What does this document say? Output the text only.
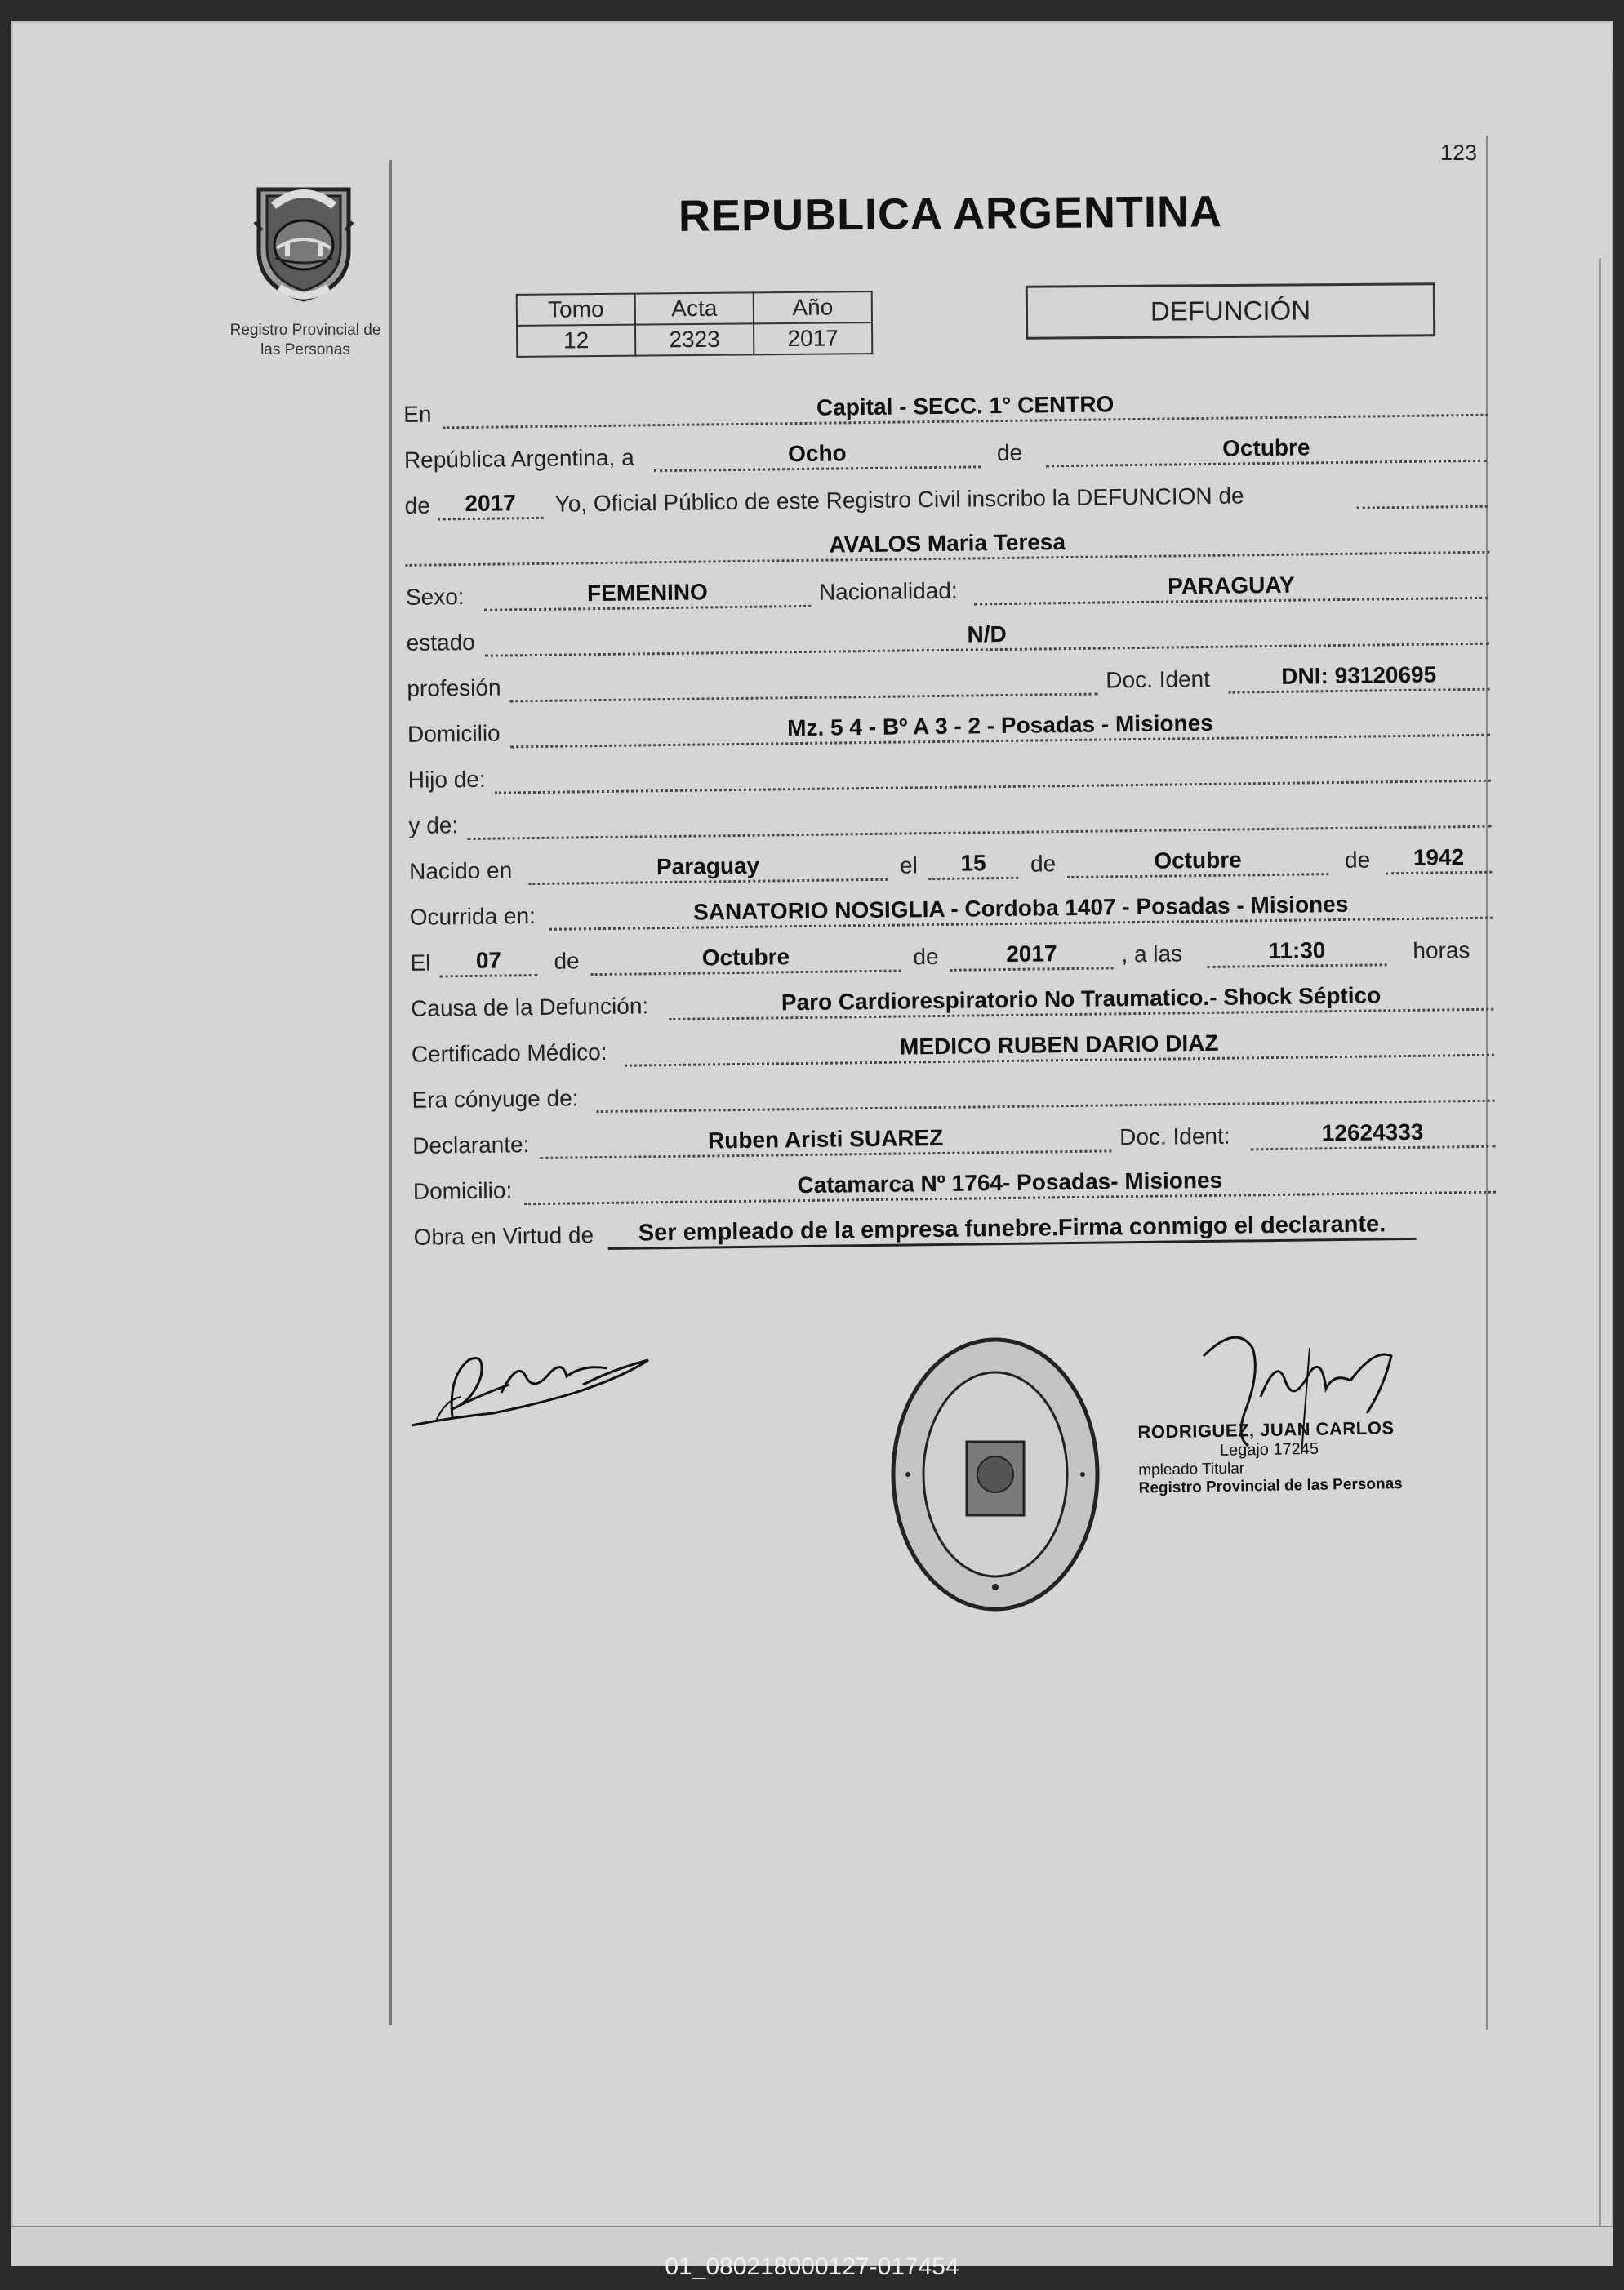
Registro Provincial de
las Personas
123
REPUBLICA ARGENTINA
Tomo	Acta	Año
12	2323	2017
DEFUNCIÓN
En	Capital - SECC. 1° CENTRO
República Argentina, a	Ocho	de	Octubre
de	2017	Yo, Oficial Público de este Registro Civil inscribo la DEFUNCION de
AVALOS Maria Teresa
Sexo:	FEMENINO	Nacionalidad:	PARAGUAY
estado	N/D
profesión	Doc. Ident	DNI: 93120695
Domicilio	Mz. 5 4 - Bº A 3 - 2 - Posadas - Misiones
Hijo de:
y de:
Nacido en	Paraguay	el	15	de	Octubre	de	1942
Ocurrida en:	SANATORIO NOSIGLIA - Cordoba 1407 - Posadas - Misiones
El	07	de	Octubre	de	2017	, a las	11:30	horas
Causa de la Defunción:	Paro Cardiorespiratorio No Traumatico.- Shock Séptico
Certificado Médico:	MEDICO RUBEN DARIO DIAZ
Era cónyuge de:
Declarante:	Ruben Aristi SUAREZ	Doc. Ident:	12624333
Domicilio:	Catamarca Nº 1764- Posadas- Misiones
Obra en Virtud de	Ser empleado de la empresa funebre.Firma conmigo el declarante.
RODRIGUEZ, JUAN CARLOS
Legajo 17245
mpleado Titular
Registro Provincial de las Personas
01_080218000127-017454
